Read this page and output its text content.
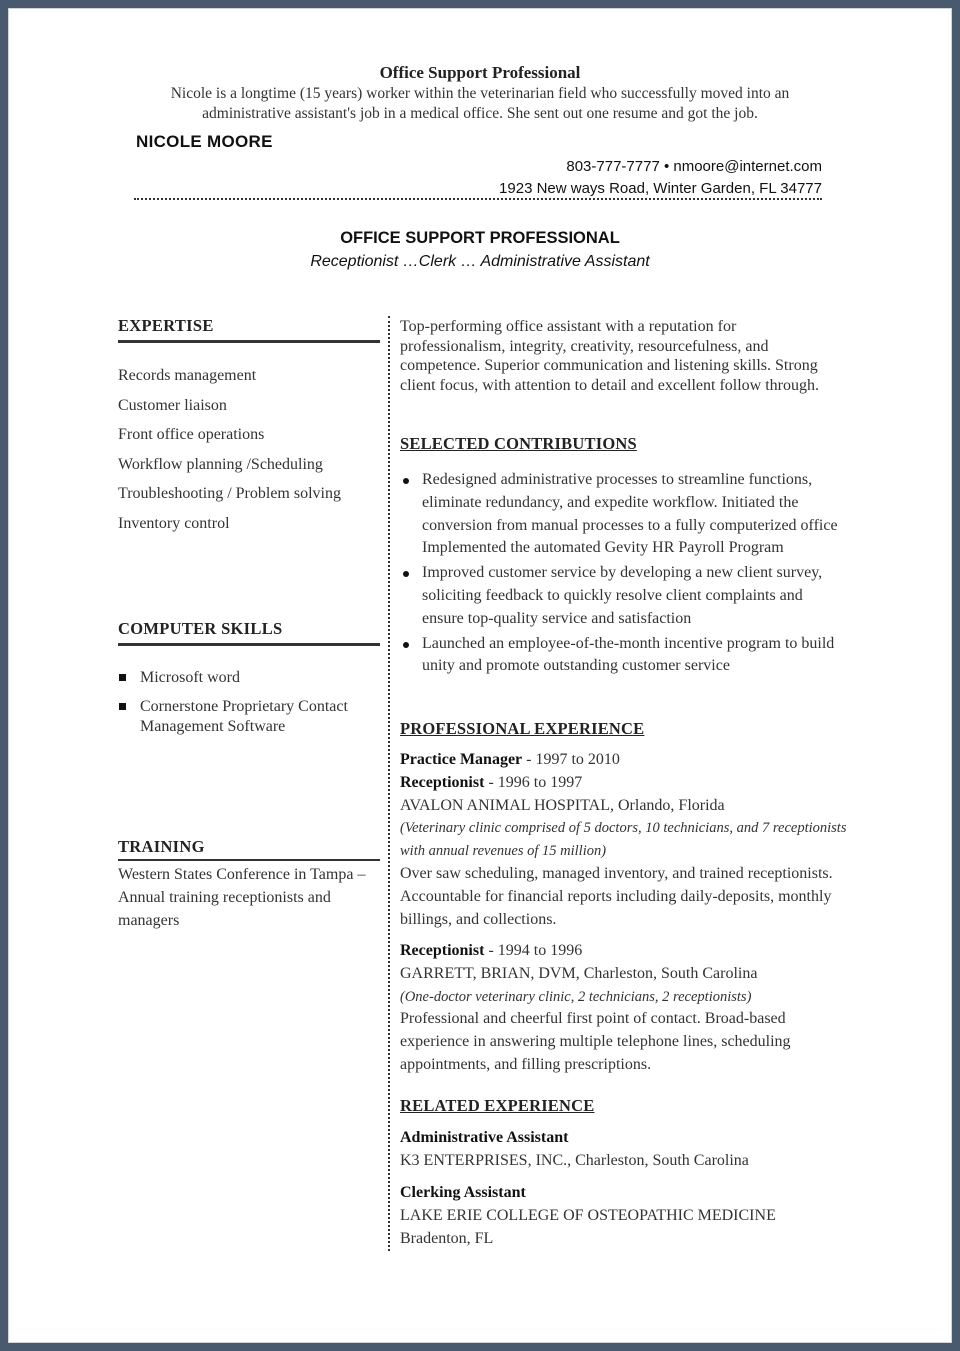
Office Support Professional
Nicole is a longtime (15 years) worker within the veterinarian field who successfully moved into an administrative assistant's job in a medical office. She sent out one resume and got the job.
NICOLE MOORE
803-777-7777 • nmoore@internet.com
1923 New ways Road, Winter Garden, FL 34777
OFFICE SUPPORT PROFESSIONAL
Receptionist …Clerk … Administrative Assistant
EXPERTISE
Records management
Customer liaison
Front office operations
Workflow planning /Scheduling
Troubleshooting / Problem solving
Inventory control
COMPUTER SKILLS
Microsoft word
Cornerstone Proprietary Contact Management Software
TRAINING
Western States Conference in Tampa – Annual training receptionists and managers
Top-performing office assistant with a reputation for professionalism, integrity, creativity, resourcefulness, and competence. Superior communication and listening skills. Strong client focus, with attention to detail and excellent follow through.
SELECTED CONTRIBUTIONS
Redesigned administrative processes to streamline functions, eliminate redundancy, and expedite workflow. Initiated the conversion from manual processes to a fully computerized office Implemented the automated Gevity HR Payroll Program
Improved customer service by developing a new client survey, soliciting feedback to quickly resolve client complaints and ensure top-quality service and satisfaction
Launched an employee-of-the-month incentive program to build unity and promote outstanding customer service
PROFESSIONAL EXPERIENCE
Practice Manager - 1997 to 2010
Receptionist - 1996 to 1997
AVALON ANIMAL HOSPITAL, Orlando, Florida
(Veterinary clinic comprised of 5 doctors, 10 technicians, and 7 receptionists with annual revenues of 15 million)
Over saw scheduling, managed inventory, and trained receptionists. Accountable for financial reports including daily-deposits, monthly billings, and collections.
Receptionist - 1994 to 1996
GARRETT, BRIAN, DVM, Charleston, South Carolina
(One-doctor veterinary clinic, 2 technicians, 2 receptionists)
Professional and cheerful first point of contact. Broad-based experience in answering multiple telephone lines, scheduling appointments, and filling prescriptions.
RELATED EXPERIENCE
Administrative Assistant
K3 ENTERPRISES, INC., Charleston, South Carolina
Clerking Assistant
LAKE ERIE COLLEGE OF OSTEOPATHIC MEDICINE Bradenton, FL
